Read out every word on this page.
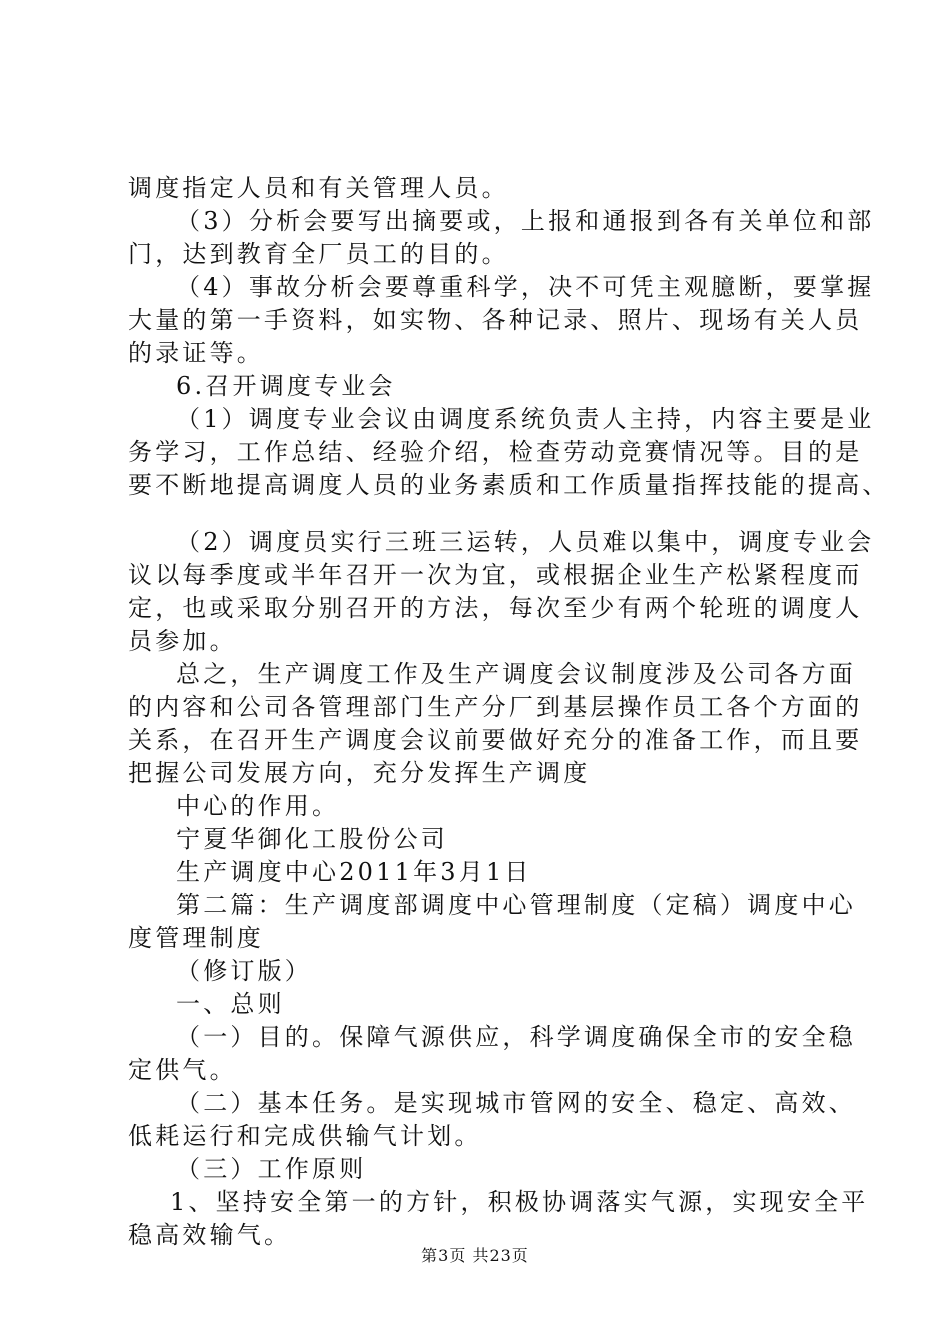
调度指定人员和有关管理人员。
（3）分析会要写出摘要或，上报和通报到各有关单位和部
门，达到教育全厂员工的目的。
（4）事故分析会要尊重科学，决不可凭主观臆断，要掌握
大量的第一手资料，如实物、各种记录、照片、现场有关人员
的录证等。
6.召开调度专业会
（1）调度专业会议由调度系统负责人主持，内容主要是业
务学习，工作总结、经验介绍，检查劳动竞赛情况等。目的是
要不断地提高调度人员的业务素质和工作质量指挥技能的提高、
（2）调度员实行三班三运转，人员难以集中，调度专业会
议以每季度或半年召开一次为宜，或根据企业生产松紧程度而
定，也或采取分别召开的方法，每次至少有两个轮班的调度人
员参加。
总之，生产调度工作及生产调度会议制度涉及公司各方面
的内容和公司各管理部门生产分厂到基层操作员工各个方面的
关系，在召开生产调度会议前要做好充分的准备工作，而且要
把握公司发展方向，充分发挥生产调度
中心的作用。
宁夏华御化工股份公司
生产调度中心2011年3月1日
第二篇：生产调度部调度中心管理制度（定稿）调度中心
度管理制度
（修订版）
一、总则
（一）目的。保障气源供应，科学调度确保全市的安全稳
定供气。
（二）基本任务。是实现城市管网的安全、稳定、高效、
低耗运行和完成供输气计划。
（三）工作原则
1、坚持安全第一的方针，积极协调落实气源，实现安全平
稳高效输气。
第3页 共23页
